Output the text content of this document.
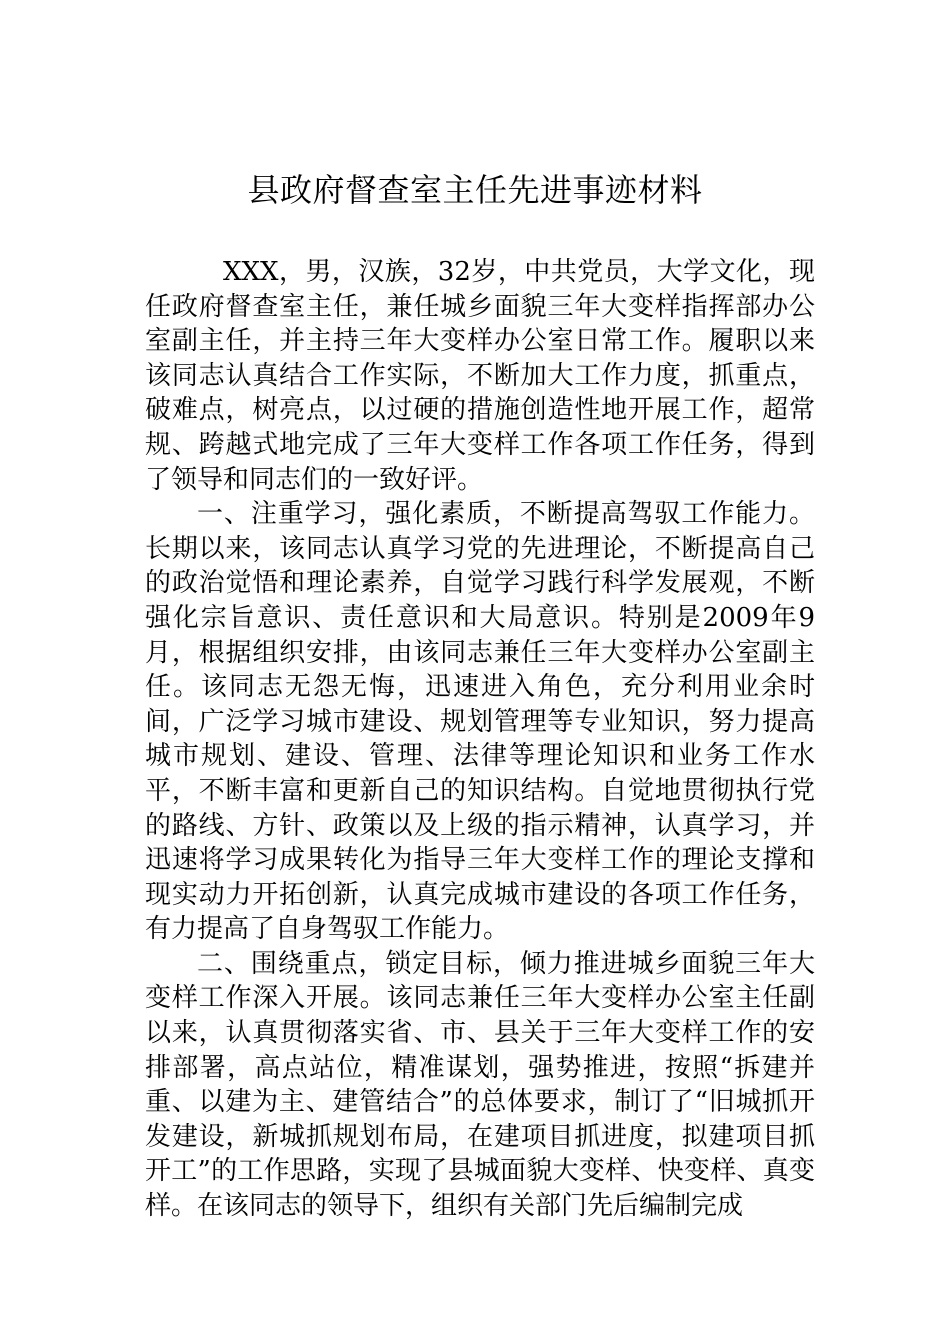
县政府督查室主任先进事迹材料

XXX，男，汉族，32岁，中共党员，大学文化，现任政府督查室主任，兼任城乡面貌三年大变样指挥部办公室副主任，并主持三年大变样办公室日常工作。履职以来该同志认真结合工作实际，不断加大工作力度，抓重点，破难点，树亮点，以过硬的措施创造性地开展工作，超常规、跨越式地完成了三年大变样工作各项工作任务，得到了领导和同志们的一致好评。

一、注重学习，强化素质，不断提高驾驭工作能力。长期以来，该同志认真学习党的先进理论，不断提高自己的政治觉悟和理论素养，自觉学习践行科学发展观，不断强化宗旨意识、责任意识和大局意识。特别是2009年9月，根据组织安排，由该同志兼任三年大变样办公室副主任。该同志无怨无悔，迅速进入角色，充分利用业余时间，广泛学习城市建设、规划管理等专业知识，努力提高城市规划、建设、管理、法律等理论知识和业务工作水平，不断丰富和更新自己的知识结构。自觉地贯彻执行党的路线、方针、政策以及上级的指示精神，认真学习，并迅速将学习成果转化为指导三年大变样工作的理论支撑和现实动力开拓创新，认真完成城市建设的各项工作任务，有力提高了自身驾驭工作能力。

二、围绕重点，锁定目标，倾力推进城乡面貌三年大变样工作深入开展。该同志兼任三年大变样办公室主任副以来，认真贯彻落实省、市、县关于三年大变样工作的安排部署，高点站位，精准谋划，强势推进，按照“拆建并重、以建为主、建管结合”的总体要求，制订了“旧城抓开发建设，新城抓规划布局，在建项目抓进度，拟建项目抓开工”的工作思路，实现了县城面貌大变样、快变样、真变样。在该同志的领导下，组织有关部门先后编制完成
